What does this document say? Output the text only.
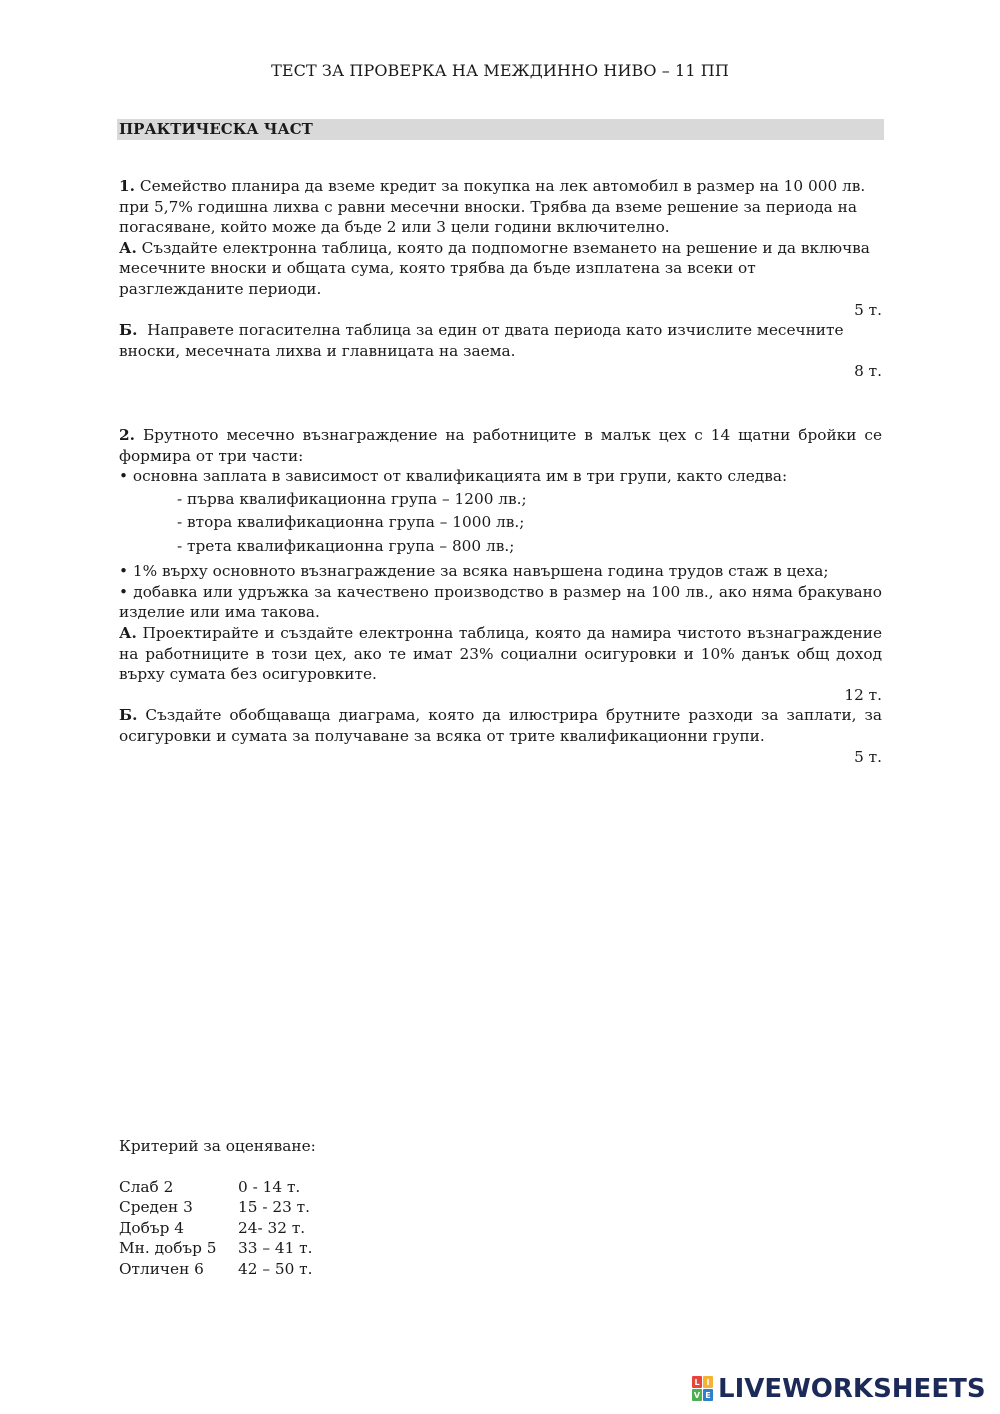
ТЕСТ ЗА ПРОВЕРКА НА МЕЖДИННО НИВО – 11 ПП
ПРАКТИЧЕСКА ЧАСТ

1. Семейство планира да вземе кредит за покупка на лек автомобил в размер на 10 000 лв. при 5,7% годишна лихва с равни месечни вноски. Трябва да вземе решение за периода на погасяване, който може да бъде 2 или 3 цели години включително.

А. Създайте електронна таблица, която да подпомогне вземането на решение и да включва месечните вноски и общата сума, която трябва да бъде изплатена за всеки от разглежданите периоди.

5 т.

Б. Направете погасителна таблица за един от двата периода като изчислите месечните вноски, месечната лихва и главницата на заема.

8 т.

2. Брутното месечно възнаграждение на работниците в малък цех с 14 щатни бройки се формира от три части:

• основна заплата в зависимост от квалификацията им в три групи, както следва:

- първа квалификационна група – 1200 лв.;

- втора квалификационна група – 1000 лв.;

- трета квалификационна група – 800 лв.;

• 1% върху основното възнаграждение за всяка навършена година трудов стаж в цеха;

• добавка или удръжка за качествено производство в размер на 100 лв., ако няма бракувано изделие или има такова.

А. Проектирайте и създайте електронна таблица, която да намира чистото възнаграждение на работниците в този цех, ако те имат 23% социални осигуровки и 10% данък общ доход върху сумата без осигуровките.

12 т.

Б. Създайте обобщаваща диаграма, която да илюстрира брутните разходи за заплати, за осигуровки и сумата за получаване за всяка от трите квалификационни групи.

5 т.

Критерий за оценяване:

Слаб 2	0 - 14 т.
Среден 3	15 - 23 т.
Добър 4	24- 32 т.
Мн. добър 5	33 – 41 т.
Отличен 6	42 – 50 т.
L I
V E LIVEWORKSHEETS
